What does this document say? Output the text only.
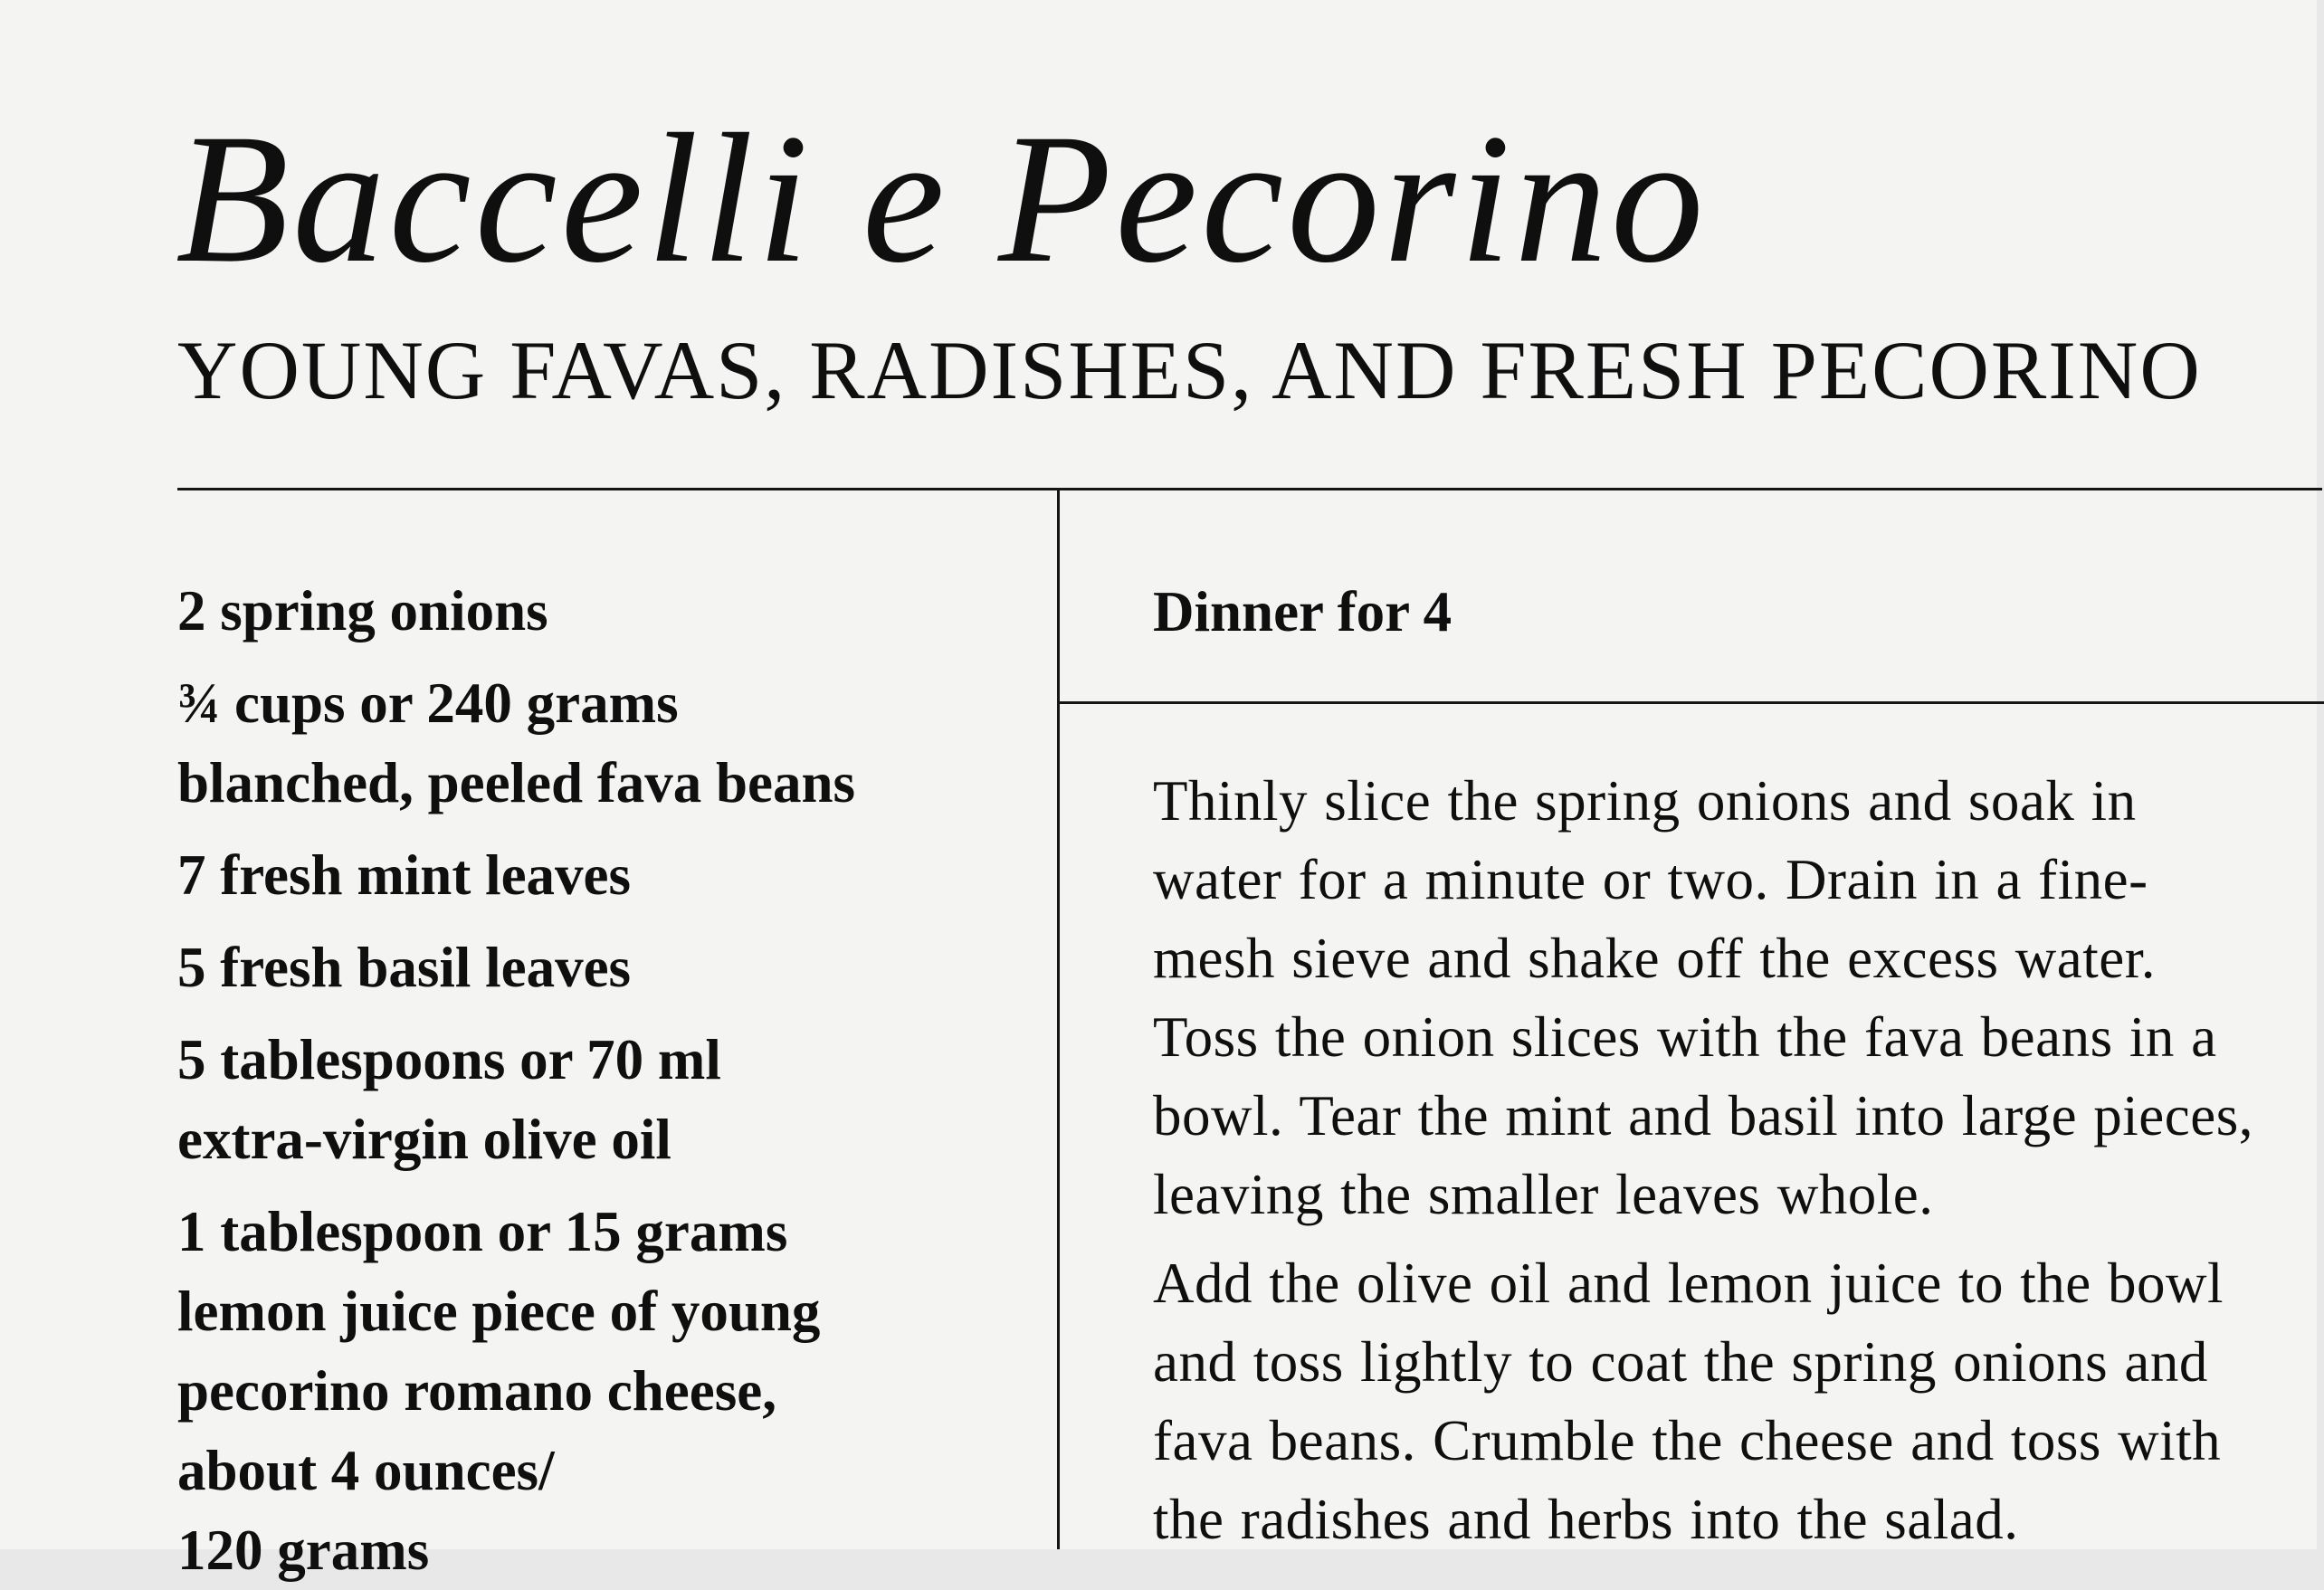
Baccelli e Pecorino
YOUNG FAVAS, RADISHES, AND FRESH PECORINO
2 spring onions
¾ cups or 240 grams
blanched, peeled fava beans
7 fresh mint leaves
5 fresh basil leaves
5 tablespoons or 70 ml
extra-virgin olive oil
1 tablespoon or 15 grams
lemon juice piece of young
pecorino romano cheese,
about 4 ounces/
120 grams
Dinner for 4
Thinly slice the spring onions and soak in
water for a minute or two. Drain in a fine-
mesh sieve and shake off the excess water.
Toss the onion slices with the fava beans in a
bowl. Tear the mint and basil into large pieces,
leaving the smaller leaves whole.
Add the olive oil and lemon juice to the bowl
and toss lightly to coat the spring onions and
fava beans. Crumble the cheese and toss with
the radishes and herbs into the salad.
